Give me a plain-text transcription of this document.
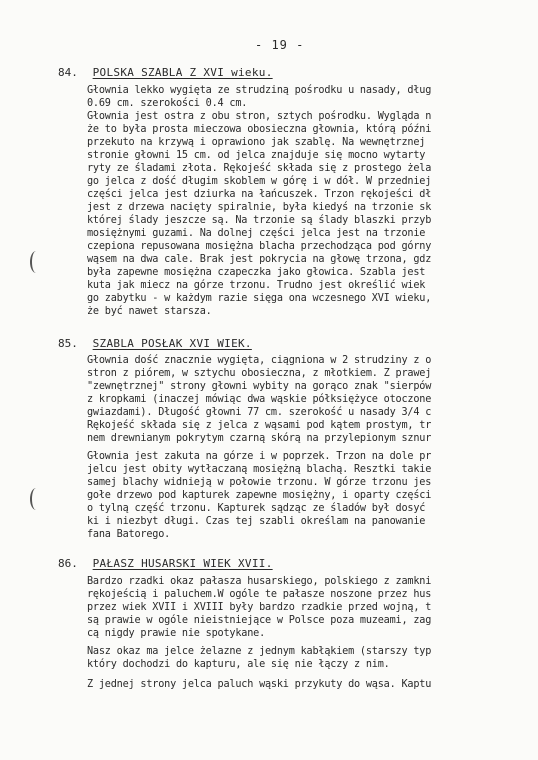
- 19 -
84. POLSKA SZABLA Z XVI wieku.
Głownia lekko wygięta ze strudziną pośrodku u nasady, dług
0.69 cm. szerokości 0.4 cm.
Głownia jest ostra z obu stron, sztych pośrodku. Wygląda n
że to była prosta mieczowa obosieczna głownia, którą późni
przekuto na krzywą i oprawiono jak szablę. Na wewnętrznej
stronie głowni 15 cm. od jelca znajduje się mocno wytarty
ryty ze śladami złota. Rękojeść składa się z prostego żela
go jelca z dość długim skoblem w górę i w dół. W przedniej
części jelca jest dziurka na łańcuszek. Trzon rękojeści dł
jest z drzewa nacięty spiralnie, była kiedyś na trzonie sk
której ślady jeszcze są. Na trzonie są ślady blaszki przyb
mosiężnymi guzami. Na dolnej części jelca jest na trzonie
czepiona repusowana mosiężna blacha przechodząca pod górny
wąsem na dwa cale. Brak jest pokrycia na głowę trzona, gdz
była zapewne mosiężna czapeczka jako głowica. Szabla jest
kuta jak miecz na górze trzonu. Trudno jest określić wiek
go zabytku - w każdym razie sięga ona wczesnego XVI wieku,
że być nawet starsza.
85. SZABLA POSŁAK XVI WIEK.
Głownia dość znacznie wygięta, ciągniona w 2 strudziny z o
stron z piórem, w sztychu obosieczna, z młotkiem. Z prawej
"zewnętrznej" strony głowni wybity na gorąco znak "sierpów
z kropkami (inaczej mówiąc dwa wąskie półksiężyce otoczone
gwiazdami). Długość głowni 77 cm. szerokość u nasady 3/4 c
Rękojeść składa się z jelca z wąsami pod kątem prostym, tr
nem drewnianym pokrytym czarną skórą na przylepionym sznur
Głownia jest zakuta na górze i w poprzek. Trzon na dole pr
jelcu jest obity wytłaczaną mosiężną blachą. Resztki takie
samej blachy widnieją w połowie trzonu. W górze trzonu jes
gołe drzewo pod kapturek zapewne mosiężny, i oparty części
o tylną część trzonu. Kapturek sądząc ze śladów był dosyć
ki i niezbyt długi. Czas tej szabli określam na panowanie
fana Batorego.
86. PAŁASZ HUSARSKI WIEK XVII.
Bardzo rzadki okaz pałasza husarskiego, polskiego z zamkni
rękojeścią i paluchem.W ogóle te pałasze noszone przez hus
przez wiek XVII i XVIII były bardzo rzadkie przed wojną, t
są prawie w ogóle nieistniejące w Polsce poza muzeami, zag
cą nigdy prawie nie spotykane.
Nasz okaz ma jelce żelazne z jednym kabłąkiem (starszy typ
który dochodzi do kapturu, ale się nie łączy z nim.
Z jednej strony jelca paluch wąski przykuty do wąsa. Kaptu
